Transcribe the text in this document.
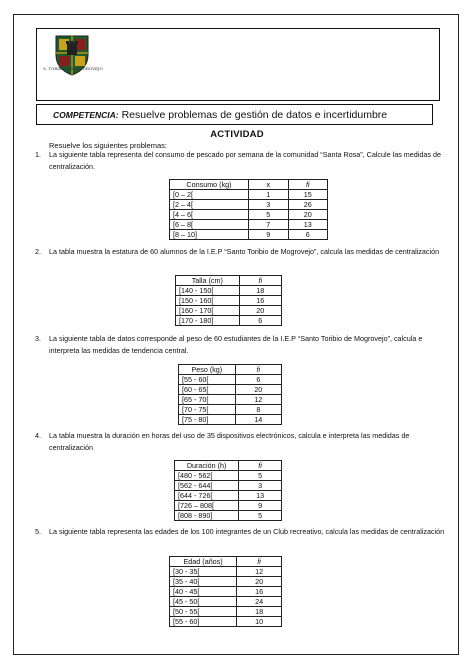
S. TORIBIO DE MOGROVEJO
COMPETENCIA: Resuelve problemas de gestión de datos e incertidumbre
ACTIVIDAD
Resuelve los siguientes problemas:
1. La siguiente tabla representa del consumo de pescado por semana de la comunidad “Santa Rosa”, Calcule las medidas de centralización.
Consumo (kg)	x	fi
[0 – 2[	1	15
[2 – 4[	3	26
[4 – 6[	5	20
[6 – 8[	7	13
[8 – 10]	9	6
2. La tabla muestra la estatura de 60 alumnos de la I.E.P “Santo Toribio de Mogrovejo”, calcula las medidas de centralización
Talla (cm)	fi
[140 - 150[	18
[150 - 160[	16
[160 - 170[	20
[170 - 180]	6
3. La siguiente tabla de datos corresponde al peso de 60 estudiantes de la I.E.P “Santo Toribio de Mogrovejo”, calcula e interpreta las medidas de tendencia central.
Peso (kg)	fi
[55 - 60[	6
[60 - 65[	20
[65 - 70[	12
[70 - 75[	8
[75 - 80]	14
4. La tabla muestra la duración en horas del uso de 35 dispositivos electrónicos, calcula e interpreta las medidas de centralización
Duración (h)	fi
[480 - 562[	5
[562 - 644[	3
[644 - 726[	13
[726 – 808[	9
[808 - 890]	5
5. La siguiente tabla representa las edades de los 100 integrantes de un Club recreativo, calcula las medidas de centralización
Edad (años)	fi
[30 - 35[	12
[35 - 40[	20
[40 - 45[	16
[45 - 50[	24
[50 - 55[	18
[55 - 60]	10
